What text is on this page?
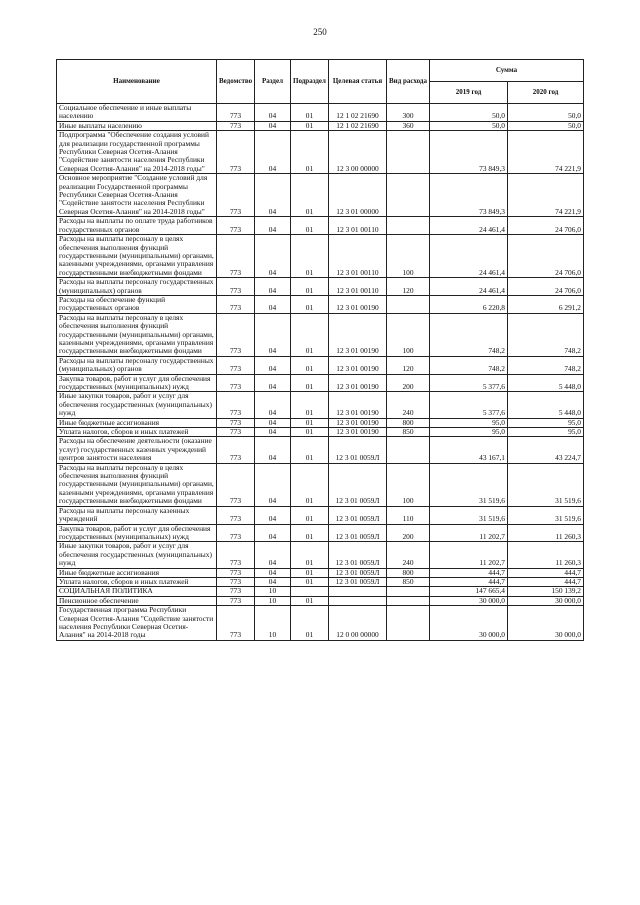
250
Наименование	Ведомство	Раздел	Подраздел	Целевая статья	Вид расхода	Сумма	
						2019 год	2020 год
Социальное обеспечение и иные выплаты населению	773	04	01	12 1 02 21690	300	50,0	50,0
Иные выплаты населению	773	04	01	12 1 02 21690	360	50,0	50,0
Подпрограмма "Обеспечение создания условий для реализации государственной программы Республики Северная Осетия-Алания "Содействие занятости населения Республики Северная Осетия-Алания" на 2014-2018 годы"	773	04	01	12 3 00 00000		73 849,3	74 221,9
Основное мероприятие "Создание условий для реализации Государственной программы Республики Северная Осетия-Алания "Содействие занятости населения Республики Северная Осетия-Алания" на 2014-2018 годы"	773	04	01	12 3 01 00000		73 849,3	74 221,9
Расходы на выплаты по оплате труда работников государственных органов	773	04	01	12 3 01 00110		24 461,4	24 706,0
Расходы на выплаты персоналу в целях обеспечения выполнения функций государственными (муниципальными) органами, казенными учреждениями, органами управления государственными внебюджетными фондами	773	04	01	12 3 01 00110	100	24 461,4	24 706,0
Расходы на выплаты персоналу государственных (муниципальных) органов	773	04	01	12 3 01 00110	120	24 461,4	24 706,0
Расходы на обеспечение функций государственных органов	773	04	01	12 3 01 00190		6 220,8	6 291,2
Расходы на выплаты персоналу в целях обеспечения выполнения функций государственными (муниципальными) органами, казенными учреждениями, органами управления государственными внебюджетными фондами	773	04	01	12 3 01 00190	100	748,2	748,2
Расходы на выплаты персоналу государственных (муниципальных) органов	773	04	01	12 3 01 00190	120	748,2	748,2
Закупка товаров, работ и услуг для обеспечения государственных (муниципальных) нужд	773	04	01	12 3 01 00190	200	5 377,6	5 448,0
Иные закупки товаров, работ и услуг для обеспечения государственных (муниципальных) нужд	773	04	01	12 3 01 00190	240	5 377,6	5 448,0
Иные бюджетные ассигнования	773	04	01	12 3 01 00190	800	95,0	95,0
Уплата налогов, сборов и иных платежей	773	04	01	12 3 01 00190	850	95,0	95,0
Расходы на обеспечение деятельности (оказание услуг) государственных казенных учреждений центров занятости населения	773	04	01	12 3 01 0059Л		43 167,1	43 224,7
Расходы на выплаты персоналу в целях обеспечения выполнения функций государственными (муниципальными) органами, казенными учреждениями, органами управления государственными внебюджетными фондами	773	04	01	12 3 01 0059Л	100	31 519,6	31 519,6
Расходы на выплаты персоналу казенных учреждений	773	04	01	12 3 01 0059Л	110	31 519,6	31 519,6
Закупка товаров, работ и услуг для обеспечения государственных (муниципальных) нужд	773	04	01	12 3 01 0059Л	200	11 202,7	11 260,3
Иные закупки товаров, работ и услуг для обеспечения государственных (муниципальных) нужд	773	04	01	12 3 01 0059Л	240	11 202,7	11 260,3
Иные бюджетные ассигнования	773	04	01	12 3 01 0059Л	800	444,7	444,7
Уплата налогов, сборов и иных платежей	773	04	01	12 3 01 0059Л	850	444,7	444,7
СОЦИАЛЬНАЯ ПОЛИТИКА	773	10				147 665,4	150 139,2
Пенсионное обеспечение	773	10	01			30 000,0	30 000,0
Государственная программа Республики Северная Осетия-Алания "Содействие занятости населения Республики Северная Осетия-Алания" на 2014-2018 годы	773	10	01	12 0 00 00000		30 000,0	30 000,0
